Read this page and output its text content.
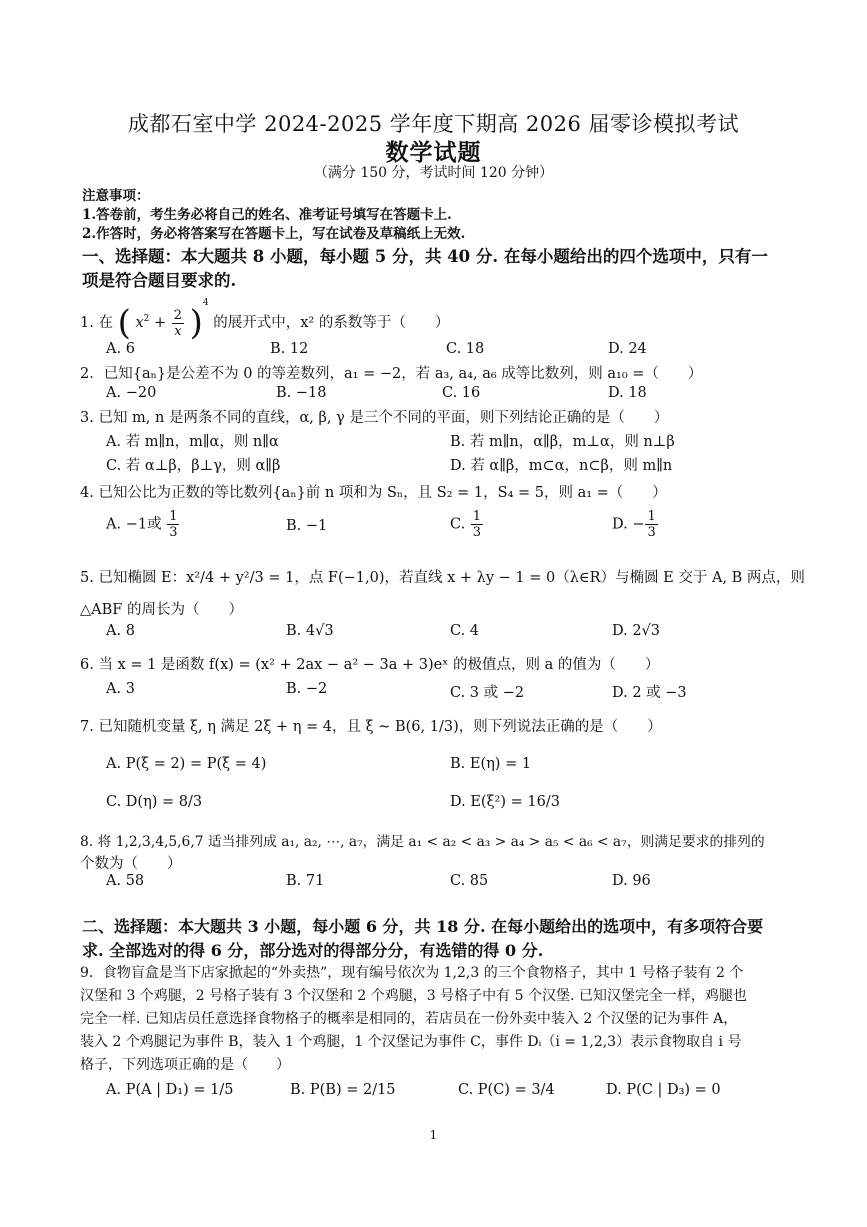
成都石室中学 2024-2025 学年度下期高 2026 届零诊模拟考试
数学试题
（满分 150 分，考试时间 120 分钟）
注意事项：
1.答卷前，考生务必将自己的姓名、准考证号填写在答题卡上.
2.作答时，务必将答案写在答题卡上，写在试卷及草稿纸上无效.
一、选择题：本大题共 8 小题，每小题 5 分，共 40 分. 在每小题给出的四个选项中，只有一
项是符合题目要求的.
1. 在 ( $x^2 + \frac{2}{x} )^4$ 的展开式中，x² 的系数等于（　　）
A. 6	B. 12	C. 18	D. 24
2．已知{aₙ}是公差不为 0 的等差数列，a₁ = −2，若 a₃, a₄, a₆ 成等比数列，则 a₁₀ =（　　）
A. −20	B. −18	C. 16	D. 18
3. 已知 m, n 是两条不同的直线，α, β, γ 是三个不同的平面，则下列结论正确的是（　　）
A. 若 m∥n，m∥α，则 n∥α	B. 若 m∥n，α∥β，m⊥α，则 n⊥β
C. 若 α⊥β，β⊥γ，则 α∥β	D. 若 α∥β，m⊂α，n⊂β，则 m∥n
4. 已知公比为正数的等比数列{aₙ}前 n 项和为 Sₙ，且 S₂ = 1，S₄ = 5，则 a₁ =（　　）
A. −1或 $\frac{1}{3}$	B. −1	C. $\frac{1}{3}$	D. − $\frac{1}{3}$
5. 已知椭圆 E：x²/4 + y²/3 = 1，点 F(−1,0)，若直线 x + λy − 1 = 0（λ∈R）与椭圆 E 交于 A, B 两点，则
△ABF 的周长为（　　）
A. 8	B. 4√3	C. 4	D. 2√3
6. 当 x = 1 是函数 f(x) = (x² + 2ax − a² − 3a + 3)eˣ 的极值点，则 a 的值为（　　）
A. 3	B. −2	C. 3 或 −2	D. 2 或 −3
7. 已知随机变量 ξ, η 满足 2ξ + η = 4，且 ξ ~ B(6, 1/3)，则下列说法正确的是（　　）
A. P(ξ = 2) = P(ξ = 4)	B. E(η) = 1
C. D(η) = 8/3	D. E(ξ²) = 16/3
8. 将 1,2,3,4,5,6,7 适当排列成 a₁, a₂, ⋯, a₇，满足 a₁ < a₂ < a₃ > a₄ > a₅ < a₆ < a₇，则满足要求的排列的
个数为（　　）
A. 58	B. 71	C. 85	D. 96
二、选择题：本大题共 3 小题，每小题 6 分，共 18 分. 在每小题给出的选项中，有多项符合要
求. 全部选对的得 6 分，部分选对的得部分分，有选错的得 0 分.
9．食物盲盒是当下店家掀起的“外卖热”，现有编号依次为 1,2,3 的三个食物格子，其中 1 号格子装有 2 个
汉堡和 3 个鸡腿，2 号格子装有 3 个汉堡和 2 个鸡腿，3 号格子中有 5 个汉堡. 已知汉堡完全一样，鸡腿也
完全一样. 已知店员任意选择食物格子的概率是相同的，若店员在一份外卖中装入 2 个汉堡的记为事件 A，
装入 2 个鸡腿记为事件 B，装入 1 个鸡腿，1 个汉堡记为事件 C，事件 Dᵢ（i = 1,2,3）表示食物取自 i 号
格子，下列选项正确的是（　　）
A. P(A | D₁) = 1/5	B. P(B) = 2/15	C. P(C) = 3/4	D. P(C | D₃) = 0
1
